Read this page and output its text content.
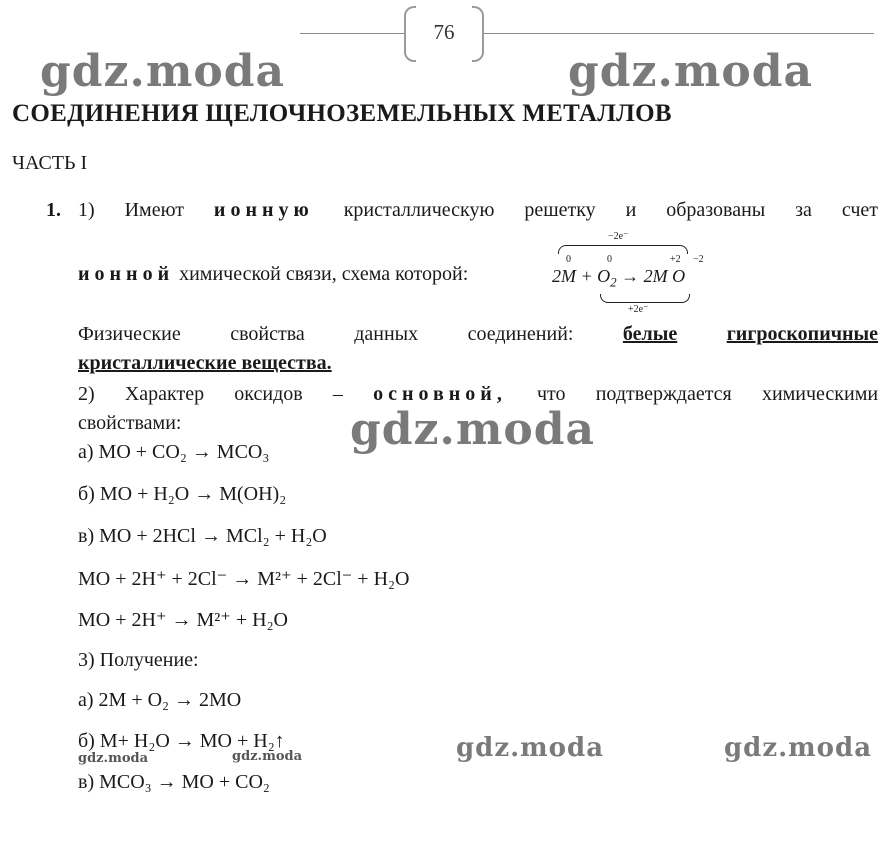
76
gdz.moda	gdz.moda
gdz.moda
gdz.moda	gdz.moda
gdz.moda	gdz.moda
СОЕДИНЕНИЯ ЩЕЛОЧНОЗЕМЕЛЬНЫХ МЕТАЛЛОВ
ЧАСТЬ I
1. 1) Имеют ионную кристаллическую решетку и образованы за счет
ионной химической связи, схема которой:
−2e⁻
0	0	+2 −2
$2M + O_2 \to 2M$ O
+2e⁻
Физические свойства данных соединений: белые гигроскопичные
кристаллические вещества.
2) Характер оксидов – основной, что подтверждается химическими
свойствами:
а) MO + CO₂ → MCO₃
б) MO + H₂O → M(OH)₂
в) MO + 2HCl → MCl₂ + H₂O
MO + 2H⁺ + 2Cl⁻ → M²⁺ + 2Cl⁻ + H₂O
MO + 2H⁺ → M²⁺ + H₂O
3) Получение:
а) 2M + O₂ → 2MO
б) M+ H₂O → MO + H₂↑
в) MCO₃ → MO + CO₂
